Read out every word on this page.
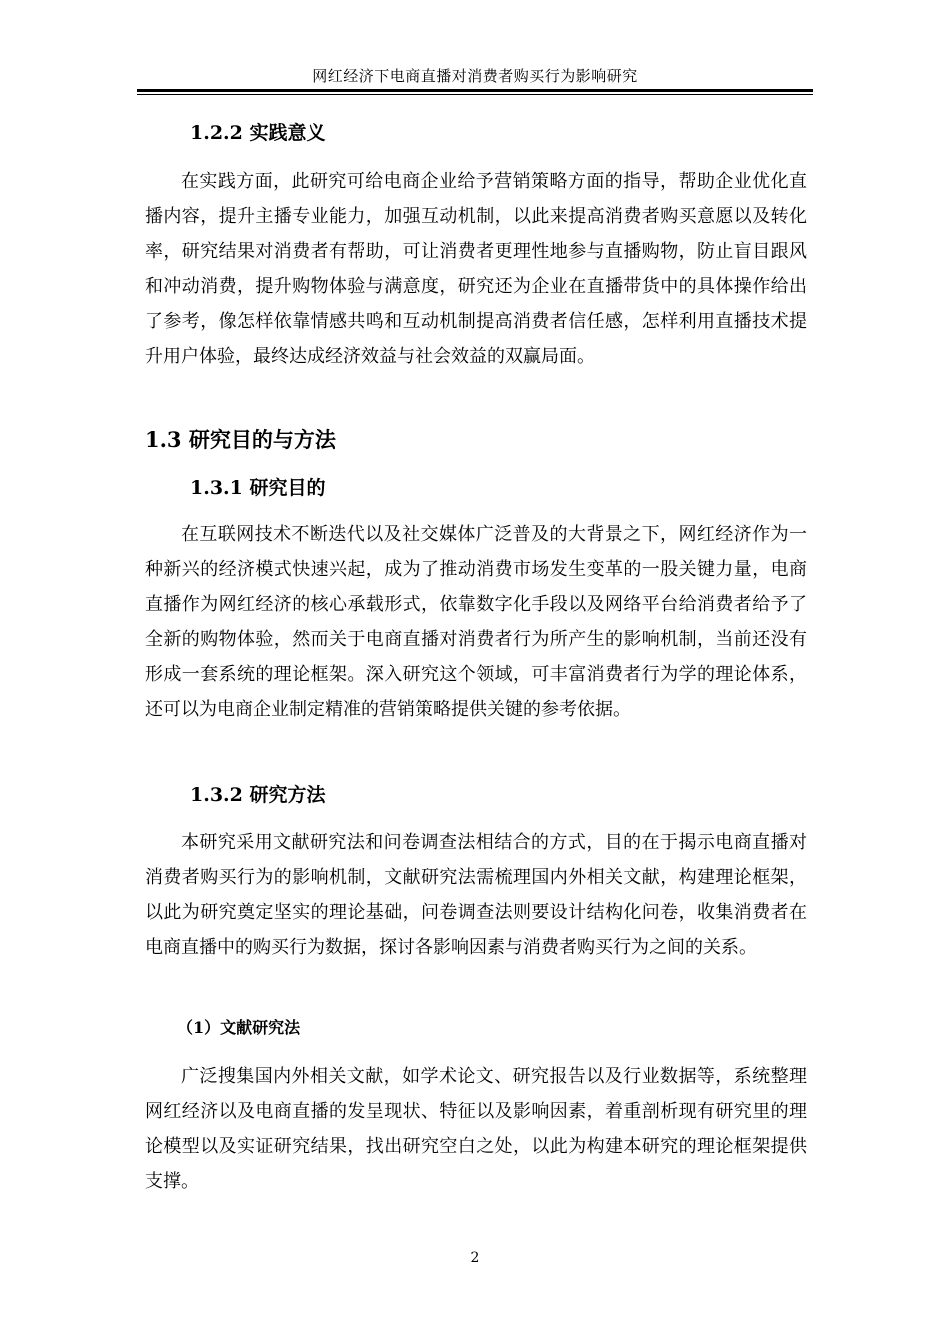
网红经济下电商直播对消费者购买行为影响研究
1.2.2 实践意义

在实践方面，此研究可给电商企业给予营销策略方面的指导，帮助企业优化直播内容，提升主播专业能力，加强互动机制，以此来提高消费者购买意愿以及转化率，研究结果对消费者有帮助，可让消费者更理性地参与直播购物，防止盲目跟风和冲动消费，提升购物体验与满意度，研究还为企业在直播带货中的具体操作给出了参考，像怎样依靠情感共鸣和互动机制提高消费者信任感，怎样利用直播技术提升用户体验，最终达成经济效益与社会效益的双赢局面。

1.3 研究目的与方法
1.3.1 研究目的

在互联网技术不断迭代以及社交媒体广泛普及的大背景之下，网红经济作为一种新兴的经济模式快速兴起，成为了推动消费市场发生变革的一股关键力量，电商直播作为网红经济的核心承载形式，依靠数字化手段以及网络平台给消费者给予了全新的购物体验，然而关于电商直播对消费者行为所产生的影响机制，当前还没有形成一套系统的理论框架。深入研究这个领域，可丰富消费者行为学的理论体系，还可以为电商企业制定精准的营销策略提供关键的参考依据。

1.3.2 研究方法

本研究采用文献研究法和问卷调查法相结合的方式，目的在于揭示电商直播对消费者购买行为的影响机制，文献研究法需梳理国内外相关文献，构建理论框架，以此为研究奠定坚实的理论基础，问卷调查法则要设计结构化问卷，收集消费者在电商直播中的购买行为数据，探讨各影响因素与消费者购买行为之间的关系。

（1）文献研究法

广泛搜集国内外相关文献，如学术论文、研究报告以及行业数据等，系统整理网红经济以及电商直播的发呈现状、特征以及影响因素，着重剖析现有研究里的理论模型以及实证研究结果，找出研究空白之处，以此为构建本研究的理论框架提供支撑。

2
